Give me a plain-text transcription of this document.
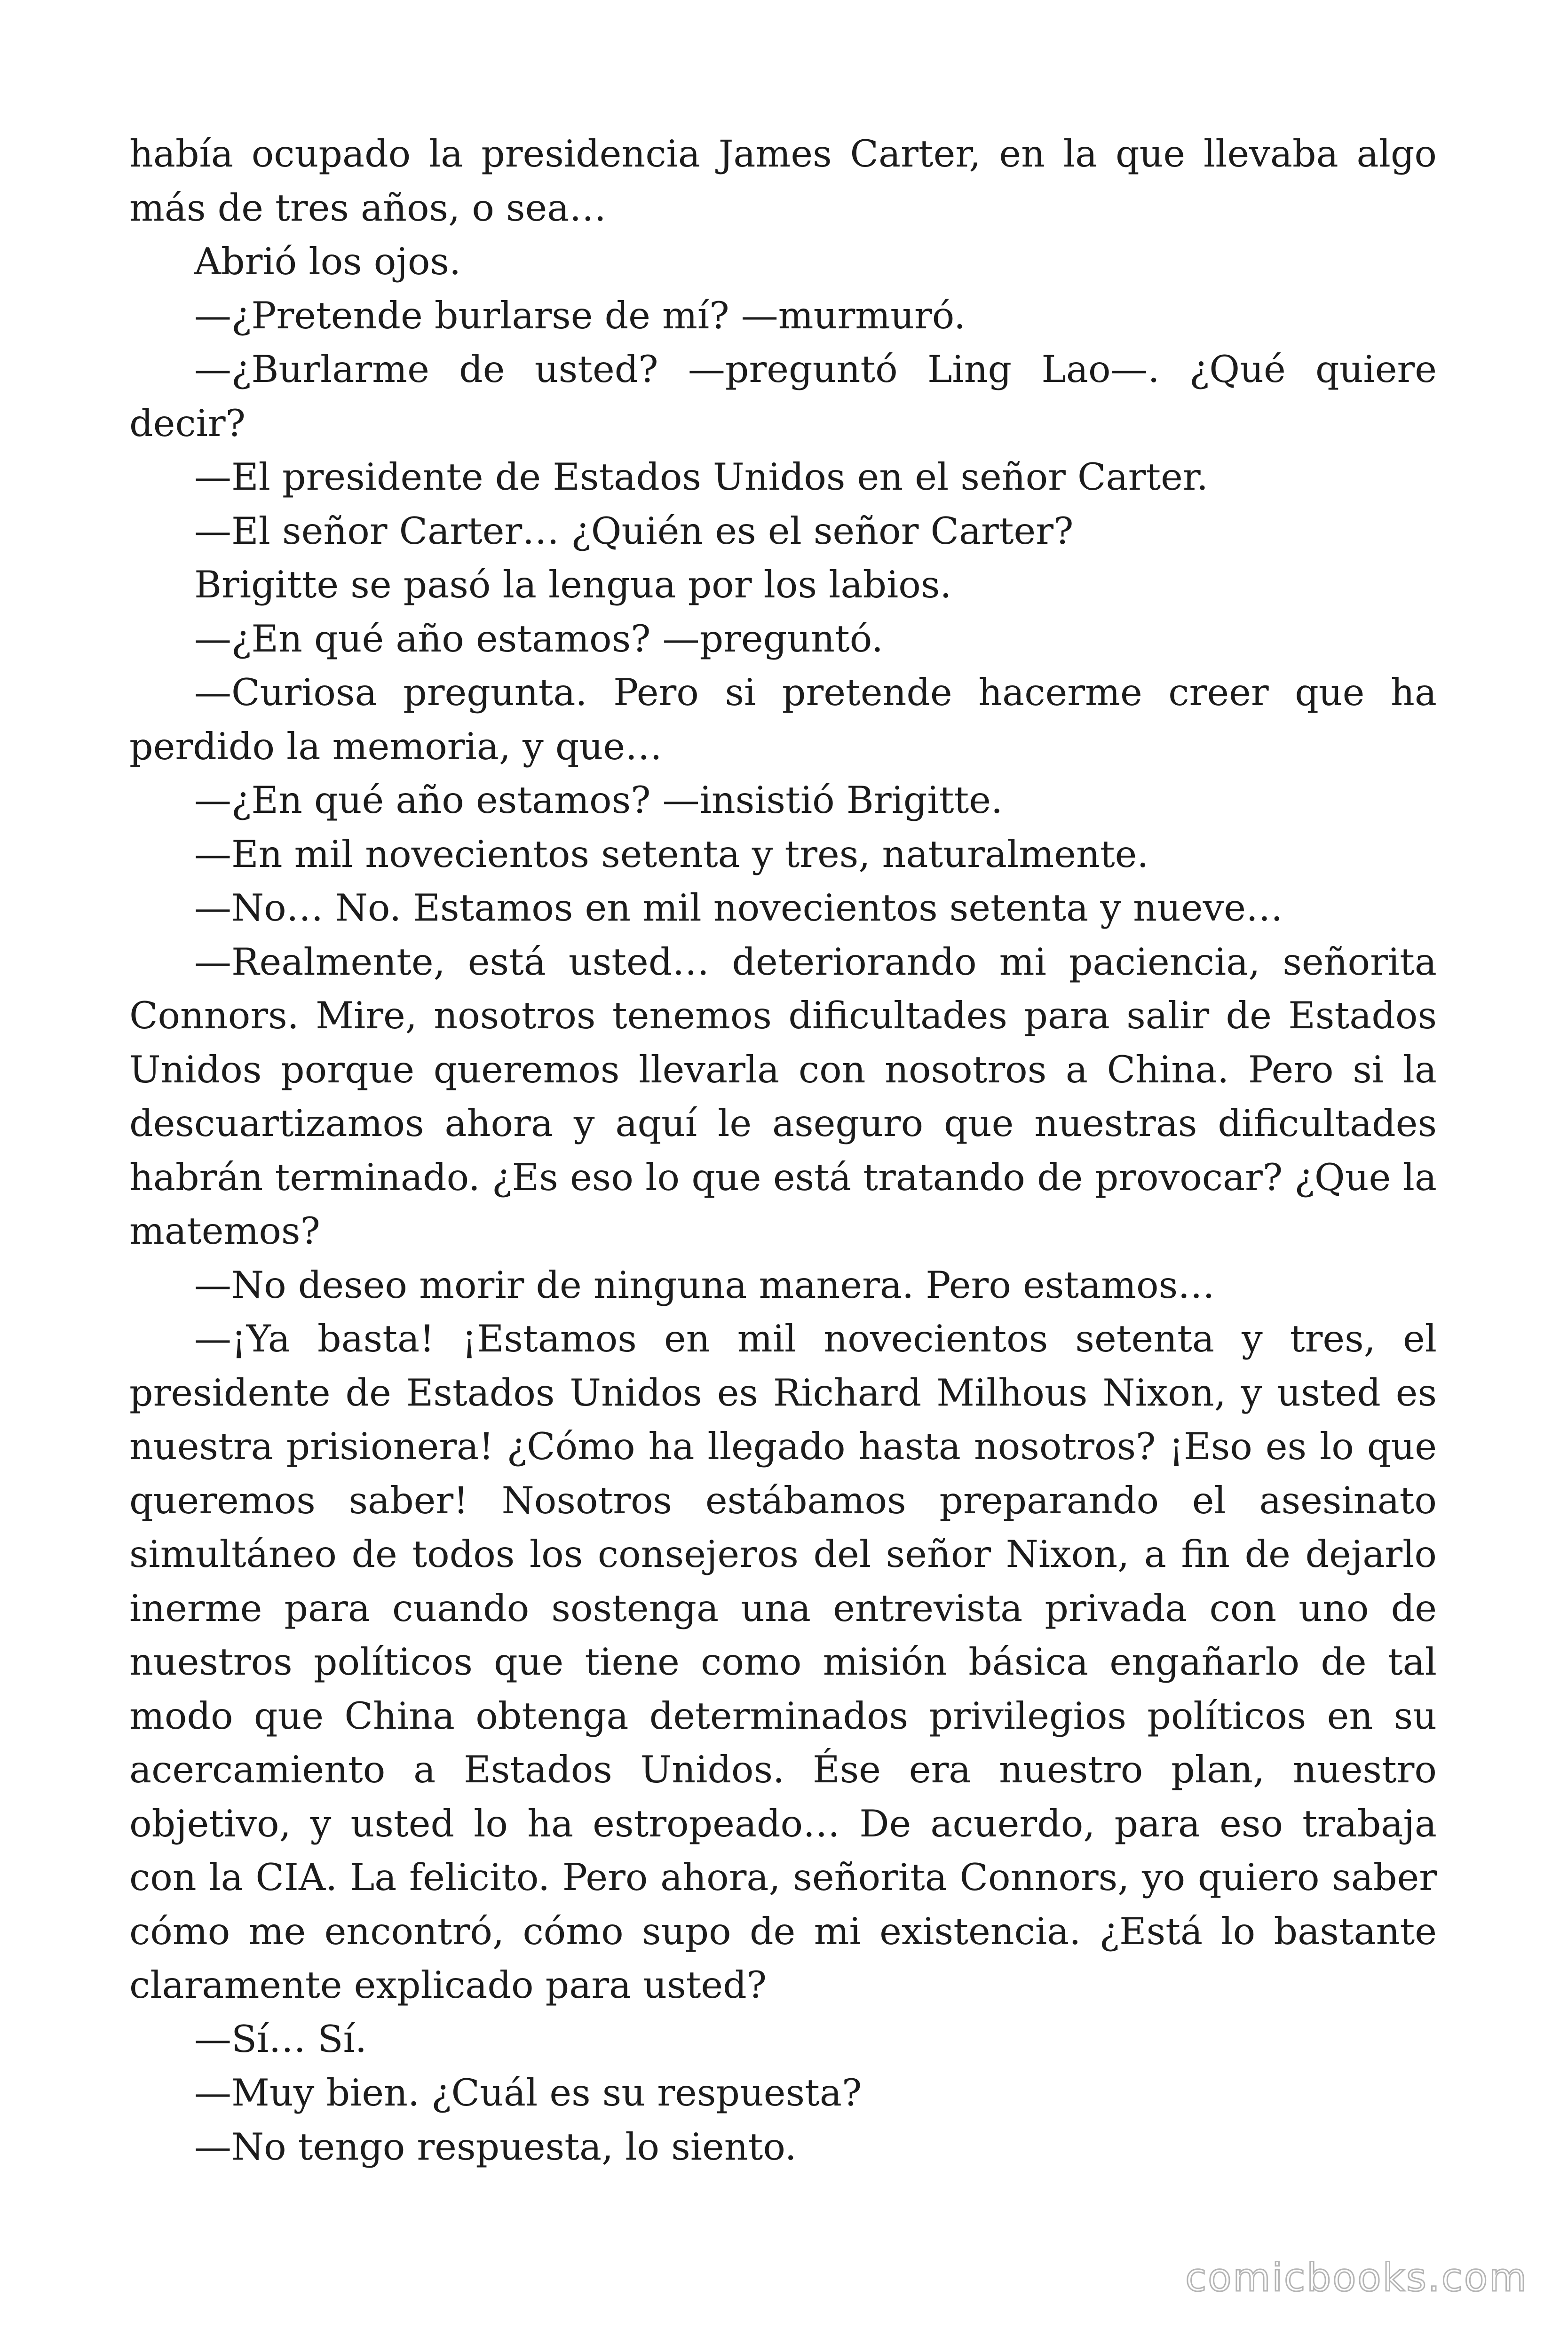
había ocupado la presidencia James Carter, en la que llevaba algo más de tres años, o sea…

Abrió los ojos.

—¿Pretende burlarse de mí? —murmuró.

—¿Burlarme de usted? —preguntó Ling Lao—. ¿Qué quiere decir?

—El presidente de Estados Unidos en el señor Carter.

—El señor Carter… ¿Quién es el señor Carter?

Brigitte se pasó la lengua por los labios.

—¿En qué año estamos? —preguntó.

—Curiosa pregunta. Pero si pretende hacerme creer que ha perdido la memoria, y que…

—¿En qué año estamos? —insistió Brigitte.

—En mil novecientos setenta y tres, naturalmente.

—No… No. Estamos en mil novecientos setenta y nueve…

—Realmente, está usted… deteriorando mi paciencia, señorita Connors. Mire, nosotros tenemos dificultades para salir de Estados Unidos porque queremos llevarla con nosotros a China. Pero si la descuartizamos ahora y aquí le aseguro que nuestras dificultades habrán terminado. ¿Es eso lo que está tratando de provocar? ¿Que la matemos?

—No deseo morir de ninguna manera. Pero estamos…

—¡Ya basta! ¡Estamos en mil novecientos setenta y tres, el presidente de Estados Unidos es Richard Milhous Nixon, y usted es nuestra prisionera! ¿Cómo ha llegado hasta nosotros? ¡Eso es lo que queremos saber! Nosotros estábamos preparando el asesinato simultáneo de todos los consejeros del señor Nixon, a fin de dejarlo inerme para cuando sostenga una entrevista privada con uno de nuestros políticos que tiene como misión básica engañarlo de tal modo que China obtenga determinados privilegios políticos en su acercamiento a Estados Unidos. Ése era nuestro plan, nuestro objetivo, y usted lo ha estropeado… De acuerdo, para eso trabaja con la CIA. La felicito. Pero ahora, señorita Connors, yo quiero saber cómo me encontró, cómo supo de mi existencia. ¿Está lo bastante claramente explicado para usted?

—Sí… Sí.

—Muy bien. ¿Cuál es su respuesta?

—No tengo respuesta, lo siento.

comicbooks.com
